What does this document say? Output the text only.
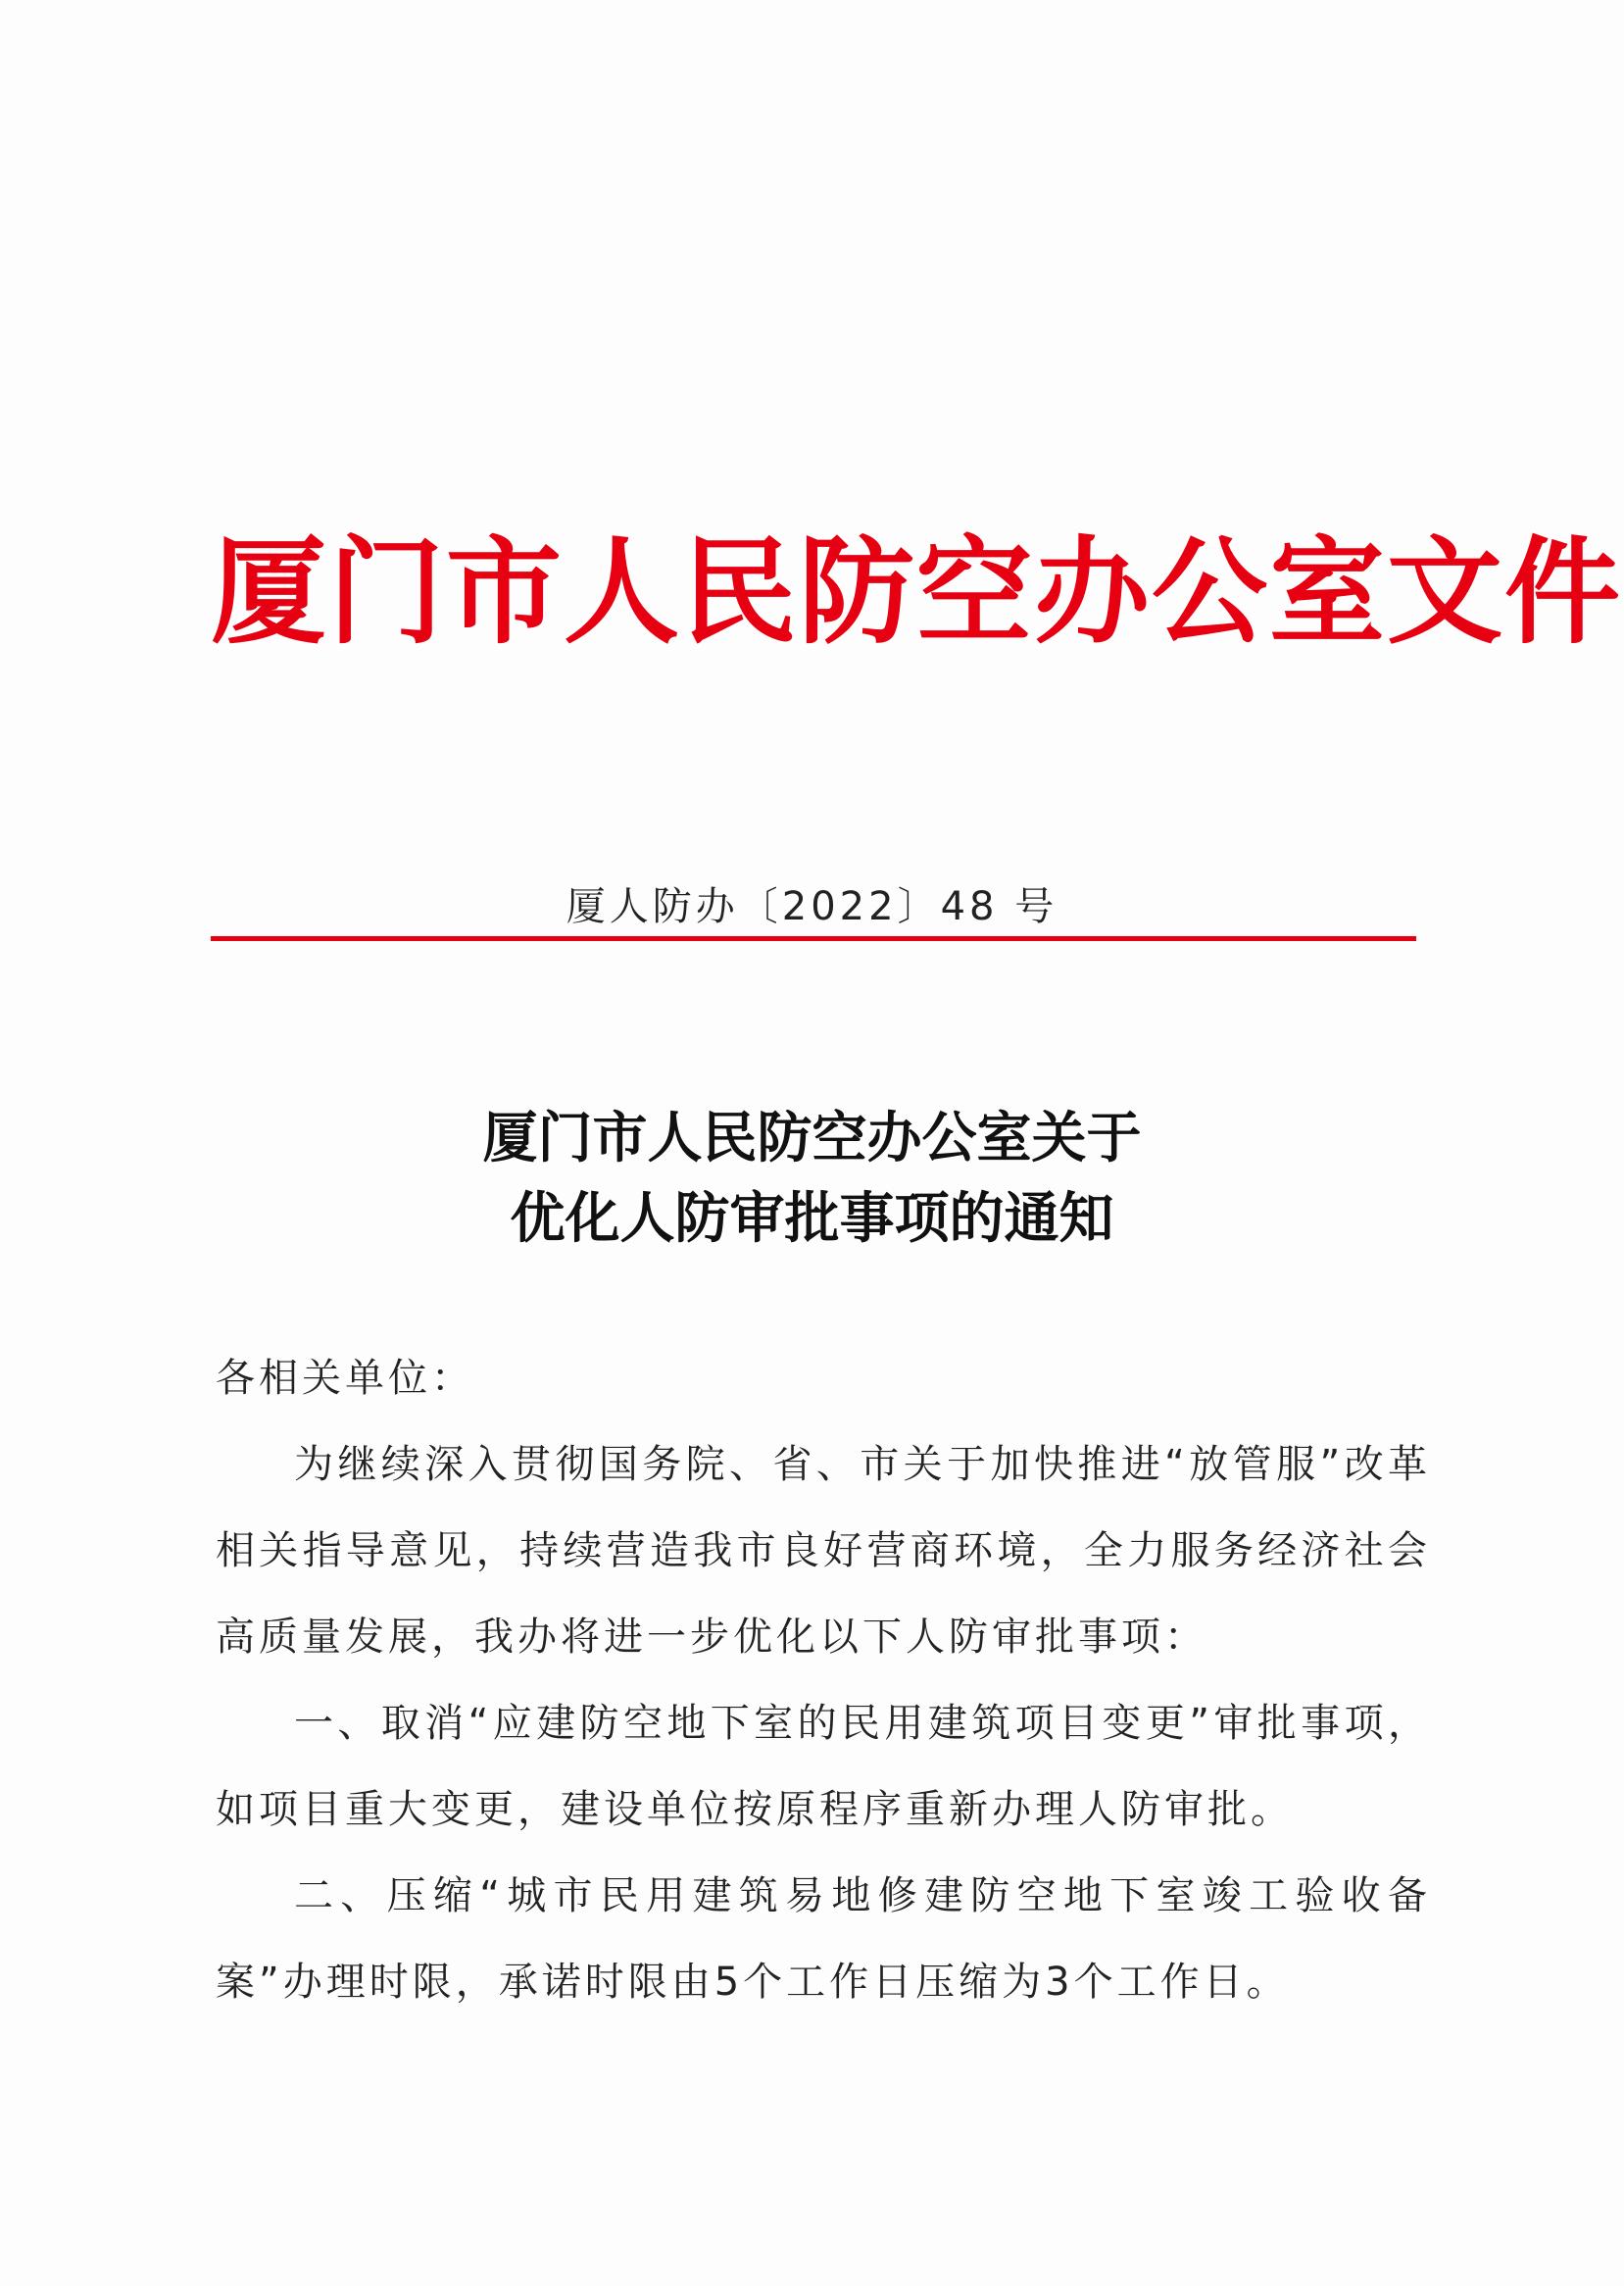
厦门市人民防空办公室文件
厦人防办〔2022〕48 号
厦门市人民防空办公室关于
优化人防审批事项的通知

各相关单位：

为继续深入贯彻国务院、省、市关于加快推进“放管服”改革相关指导意见，持续营造我市良好营商环境，全力服务经济社会高质量发展，我办将进一步优化以下人防审批事项：

一、取消“应建防空地下室的民用建筑项目变更”审批事项，如项目重大变更，建设单位按原程序重新办理人防审批。

二、压缩“城市民用建筑易地修建防空地下室竣工验收备案”办理时限，承诺时限由5个工作日压缩为3个工作日。
